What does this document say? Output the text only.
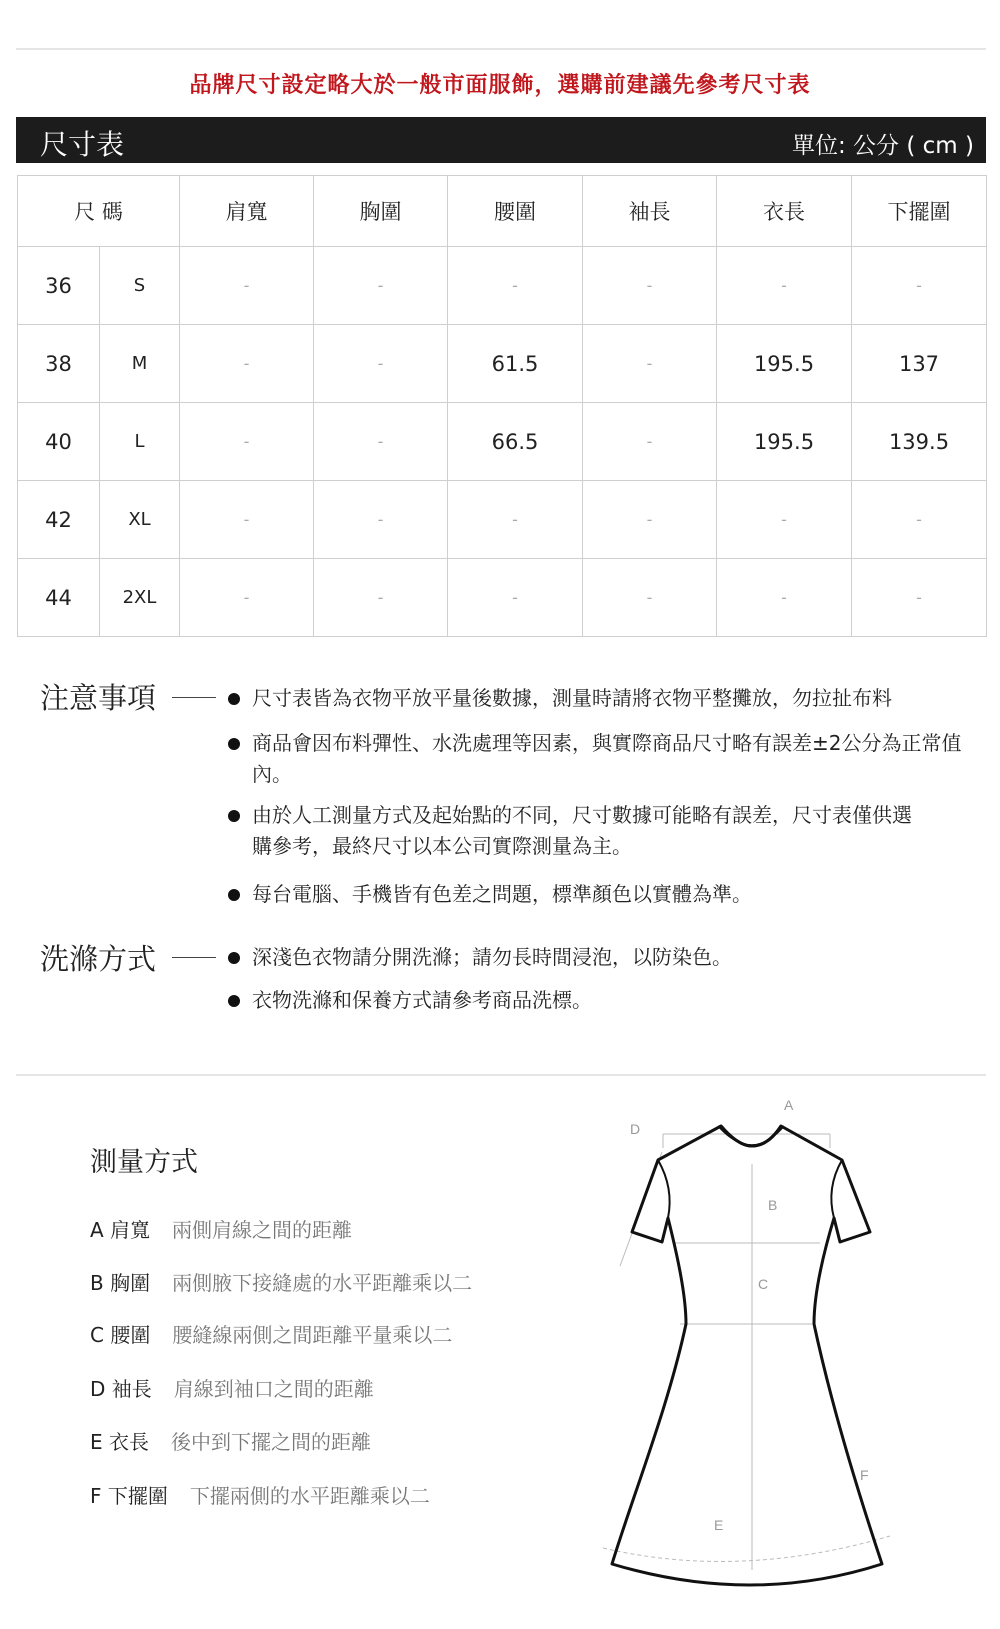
品牌尺寸設定略大於一般市面服飾，選購前建議先參考尺寸表
尺寸表	單位: 公分 ( cm )
尺 碼		肩寬	胸圍	腰圍	袖長	衣長	下擺圍
36	S	-	-	-	-	-	-
38	M	-	-	61.5	-	195.5	137
40	L	-	-	66.5	-	195.5	139.5
42	XL	-	-	-	-	-	-
44	2XL	-	-	-	-	-	-
注意事項	尺寸表皆為衣物平放平量後數據，測量時請將衣物平整攤放，勿拉扯布料
商品會因布料彈性、水洗處理等因素，與實際商品尺寸略有誤差±2公分為正常值內。
由於人工測量方式及起始點的不同，尺寸數據可能略有誤差，尺寸表僅供選購參考，最終尺寸以本公司實際測量為主。
每台電腦、手機皆有色差之問題，標準顏色以實體為準。
洗滌方式	深淺色衣物請分開洗滌；請勿長時間浸泡，以防染色。
衣物洗滌和保養方式請參考商品洗標。
測量方式
A 肩寬 兩側肩線之間的距離
B 胸圍 兩側腋下接縫處的水平距離乘以二
C 腰圍 腰縫線兩側之間距離平量乘以二
D 袖長 肩線到袖口之間的距離
E 衣長 後中到下擺之間的距離
F 下擺圍 下擺兩側的水平距離乘以二
A
B
C
D
E
F
